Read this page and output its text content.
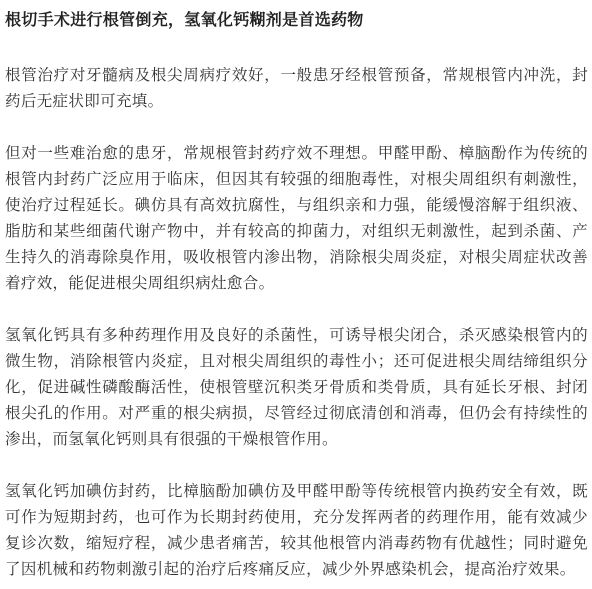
根切手术进行根管倒充，氢氧化钙糊剂是首选药物

根管治疗对牙髓病及根尖周病疗效好，一般患牙经根管预备，常规根管内冲洗，封药后无症状即可充填。

但对一些难治愈的患牙，常规根管封药疗效不理想。甲醛甲酚、樟脑酚作为传统的根管内封药广泛应用于临床，但因其有较强的细胞毒性，对根尖周组织有刺激性，使治疗过程延长。碘仿具有高效抗腐性，与组织亲和力强，能缓慢溶解于组织液、脂肪和某些细菌代谢产物中，并有较高的抑菌力，对组织无刺激性，起到杀菌、产生持久的消毒除臭作用，吸收根管内渗出物，消除根尖周炎症，对根尖周症状改善着疗效，能促进根尖周组织病灶愈合。

氢氧化钙具有多种药理作用及良好的杀菌性，可诱导根尖闭合，杀灭感染根管内的微生物，消除根管内炎症，且对根尖周组织的毒性小；还可促进根尖周结缔组织分化，促进碱性磷酸酶活性，使根管壁沉积类牙骨质和类骨质，具有延长牙根、封闭根尖孔的作用。对严重的根尖病损，尽管经过彻底清创和消毒，但仍会有持续性的渗出，而氢氧化钙则具有很强的干燥根管作用。

氢氧化钙加碘仿封药，比樟脑酚加碘仿及甲醛甲酚等传统根管内换药安全有效，既可作为短期封药，也可作为长期封药使用，充分发挥两者的药理作用，能有效减少复诊次数，缩短疗程，减少患者痛苦，较其他根管内消毒药物有优越性；同时避免了因机械和药物刺激引起的治疗后疼痛反应，减少外界感染机会，提高治疗效果。
